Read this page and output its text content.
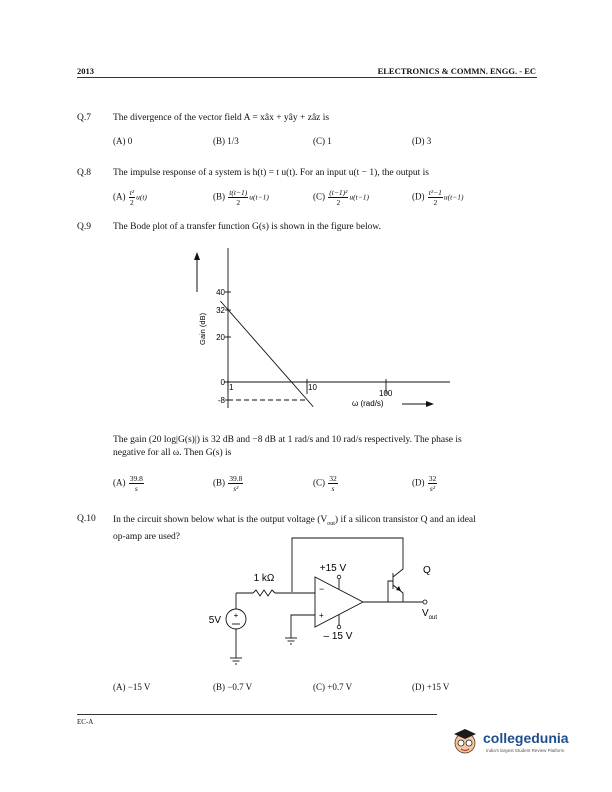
2013	ELECTRONICS & COMMN. ENGG. - EC
Q.7 The divergence of the vector field A = xâx + yây + zâz is
(A) 0	(B) 1/3	(C) 1	(D) 3
Q.8 The impulse response of a system is h(t) = t u(t). For an input u(t − 1), the output is
$(A) \frac{\text{t²}}{2} u(t)$	$(B) \frac{t(t-1)}{2} u(t-1)$	$(C) \frac{\text{(t−1)²}}{2} u(t-1)$	$(D) \frac{\text{t²−1}}{2} u(t-1)$
Q.9 The Bode plot of a transfer function G(s) is shown in the figure below.
40
32
20
0
-8
1	10
100
Gain (dB)
ω (rad/s)
The gain (20 log|G(s)|) is 32 dB and −8 dB at 1 rad/s and 10 rad/s respectively. The phase is
negative for all ω. Then G(s) is
$(A) \frac{39.8}{s}$	$(B) \frac{39.8}{\text{s²}}$	$(C) \frac{32}{s}$	$(D) \frac{32}{\text{s²}}$
Q.10 In the circuit shown below what is the output voltage $(V_{out})$ if a silicon transistor Q and an ideal
op-amp are used?
+
1 kΩ
5V
+15 V
– 15 V
Q
$V_{out}$
−
+
(A) −15 V	(B) −0.7 V	(C) +0.7 V	(D) +15 V
EC-A
collegedunia
India's largest Student Review Platform
